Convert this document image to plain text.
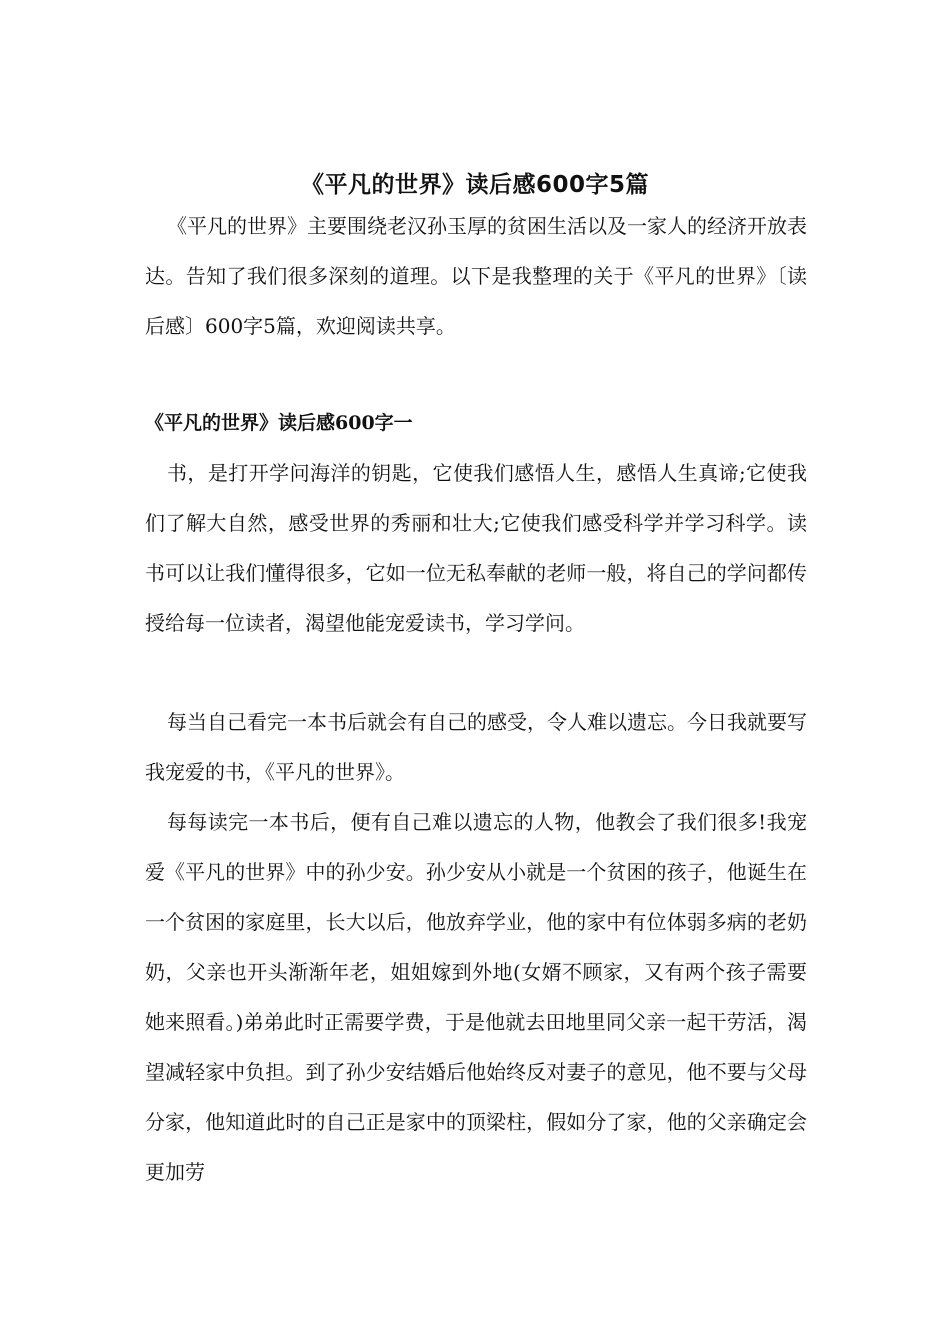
《平凡的世界》读后感600字5篇

《平凡的世界》主要围绕老汉孙玉厚的贫困生活以及一家人的经济开放表达。告知了我们很多深刻的道理。以下是我整理的关于《平凡的世界》〔读后感〕600字5篇，欢迎阅读共享。

《平凡的世界》读后感600字一

书，是打开学问海洋的钥匙，它使我们感悟人生，感悟人生真谛;它使我们了解大自然，感受世界的秀丽和壮大;它使我们感受科学并学习科学。读书可以让我们懂得很多，它如一位无私奉献的老师一般，将自己的学问都传授给每一位读者，渴望他能宠爱读书，学习学问。

每当自己看完一本书后就会有自己的感受，令人难以遗忘。今日我就要写我宠爱的书，《平凡的世界》。

每每读完一本书后，便有自己难以遗忘的人物，他教会了我们很多!我宠爱《平凡的世界》中的孙少安。孙少安从小就是一个贫困的孩子，他诞生在一个贫困的家庭里，长大以后，他放弃学业，他的家中有位体弱多病的老奶奶，父亲也开头渐渐年老，姐姐嫁到外地(女婿不顾家，又有两个孩子需要她来照看。)弟弟此时正需要学费，于是他就去田地里同父亲一起干劳活，渴望减轻家中负担。到了孙少安结婚后他始终反对妻子的意见，他不要与父母分家，他知道此时的自己正是家中的顶梁柱，假如分了家，他的父亲确定会更加劳
